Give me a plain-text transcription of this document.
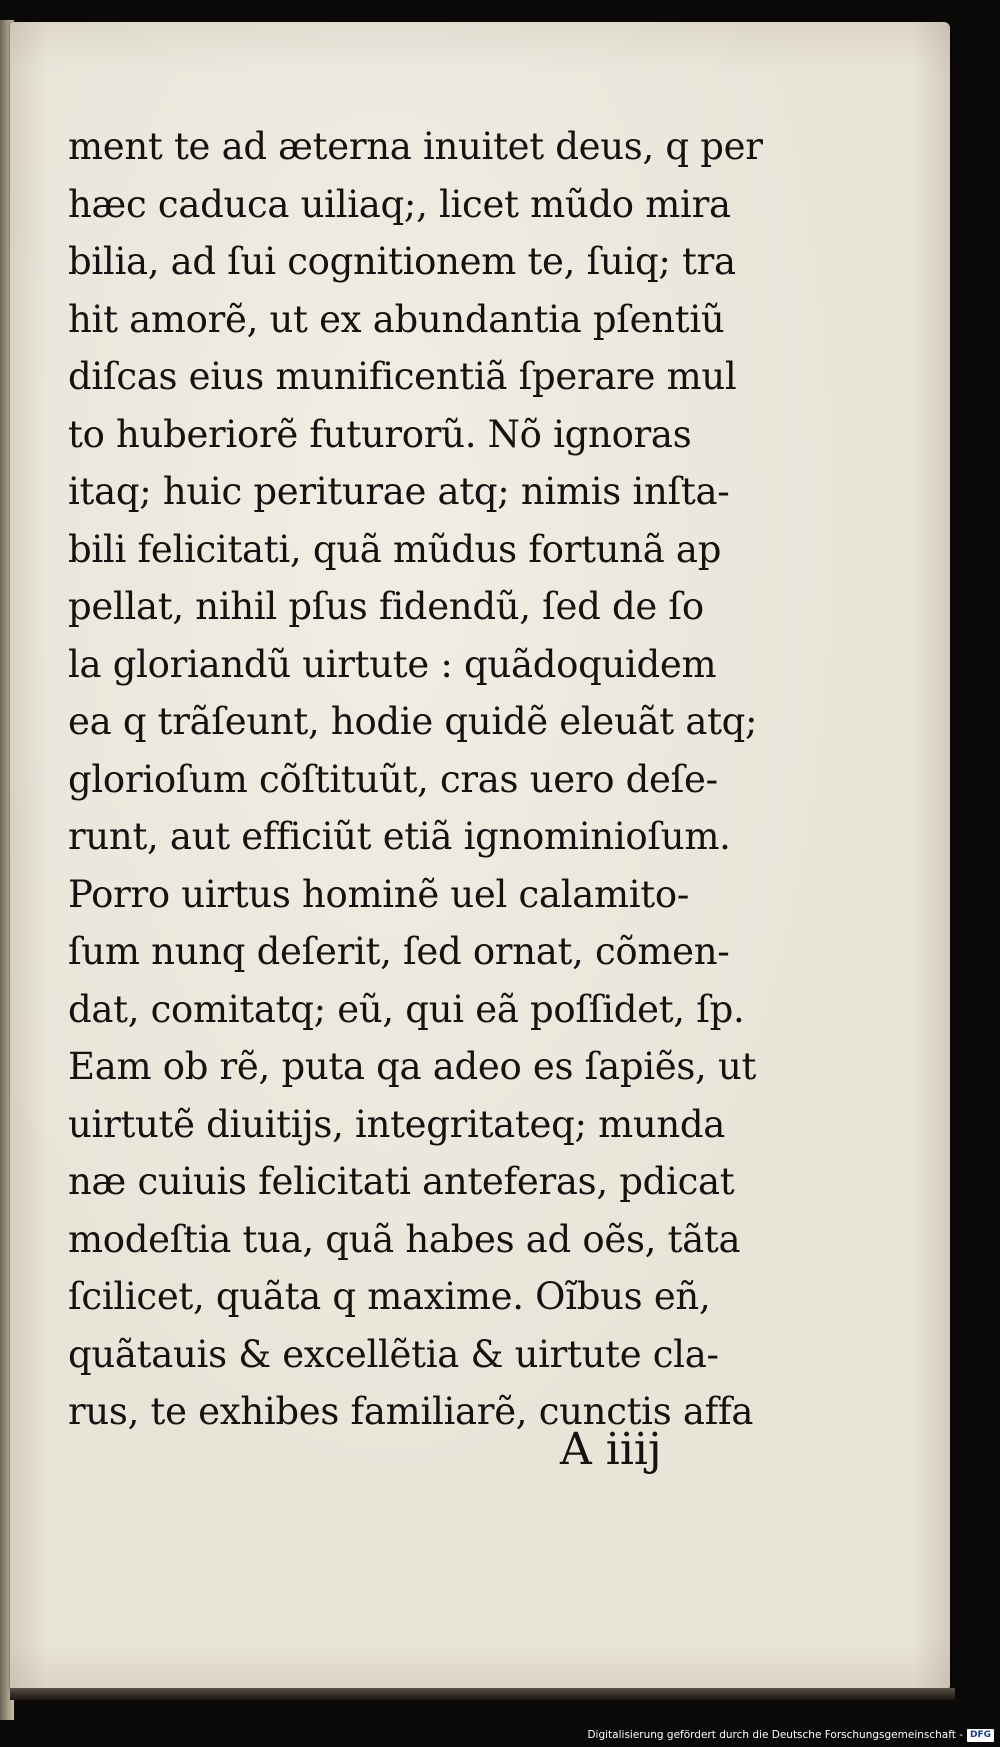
ment te ad æterna inuitet deus, q per
hæc caduca uiliaq;, licet mũdo mira
bilia, ad ſui cognitionem te, ſuiq; tra
hit amorẽ, ut ex abundantia pſentiũ
diſcas eius munificentiã ſperare mul
to huberiorẽ futurorũ. Nõ ignoras
itaq; huic periturae atq; nimis inſta-
bili felicitati, quã mũdus fortunã ap
pellat, nihil pſus fidendũ, ſed de ſo
la gloriandũ uirtute : quãdoquidem
ea q trãſeunt, hodie quidẽ eleuãt atq;
glorioſum cõſtituũt, cras uero deſe-
runt, aut efficiũt etiã ignominioſum.
Porro uirtus hominẽ uel calamito-
ſum nunq deſerit, ſed ornat, cõmen-
dat, comitatq; eũ, qui eã poſſidet, ſp.
Eam ob rẽ, puta qa adeo es ſapiẽs, ut
uirtutẽ diuitijs, integritateq; munda
næ cuiuis felicitati anteferas, pdicat
modeſtia tua, quã habes ad oẽs, tãta
ſcilicet, quãta q maxime. Oĩbus eñ,
quãtauis & excellẽtia & uirtute cla-
rus, te exhibes familiarẽ, cunctis affa
A iiij
Digitalisierung gefördert durch die Deutsche Forschungsgemeinschaft - DFG
